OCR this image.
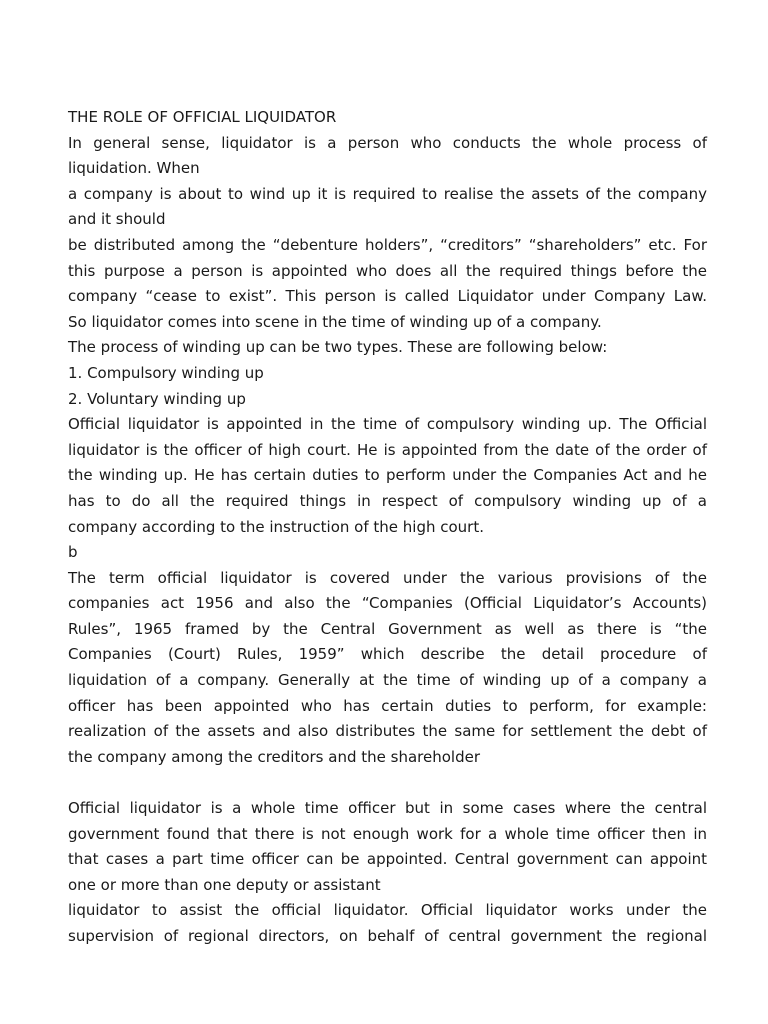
THE ROLE OF OFFICIAL LIQUIDATOR
In general sense, liquidator is a person who conducts the whole process of
liquidation. When
a company is about to wind up it is required to realise the assets of the company
and it should
be distributed among the “debenture holders”, “creditors” “shareholders” etc. For
this purpose a person is appointed who does all the required things before the
company “cease to exist”. This person is called Liquidator under Company Law.
So liquidator comes into scene in the time of winding up of a company.
The process of winding up can be two types. These are following below:
1. Compulsory winding up
2. Voluntary winding up
Official liquidator is appointed in the time of compulsory winding up. The Official
liquidator is the officer of high court. He is appointed from the date of the order of
the winding up. He has certain duties to perform under the Companies Act and he
has to do all the required things in respect of compulsory winding up of a
company according to the instruction of the high court.
b
The term official liquidator is covered under the various provisions of the
companies act 1956 and also the “Companies (Official Liquidator’s Accounts)
Rules”, 1965 framed by the Central Government as well as there is “the
Companies (Court) Rules, 1959” which describe the detail procedure of
liquidation of a company. Generally at the time of winding up of a company a
officer has been appointed who has certain duties to perform, for example:
realization of the assets and also distributes the same for settlement the debt of
the company among the creditors and the shareholder
Official liquidator is a whole time officer but in some cases where the central
government found that there is not enough work for a whole time officer then in
that cases a part time officer can be appointed. Central government can appoint
one or more than one deputy or assistant
liquidator to assist the official liquidator. Official liquidator works under the
supervision of regional directors, on behalf of central government the regional
